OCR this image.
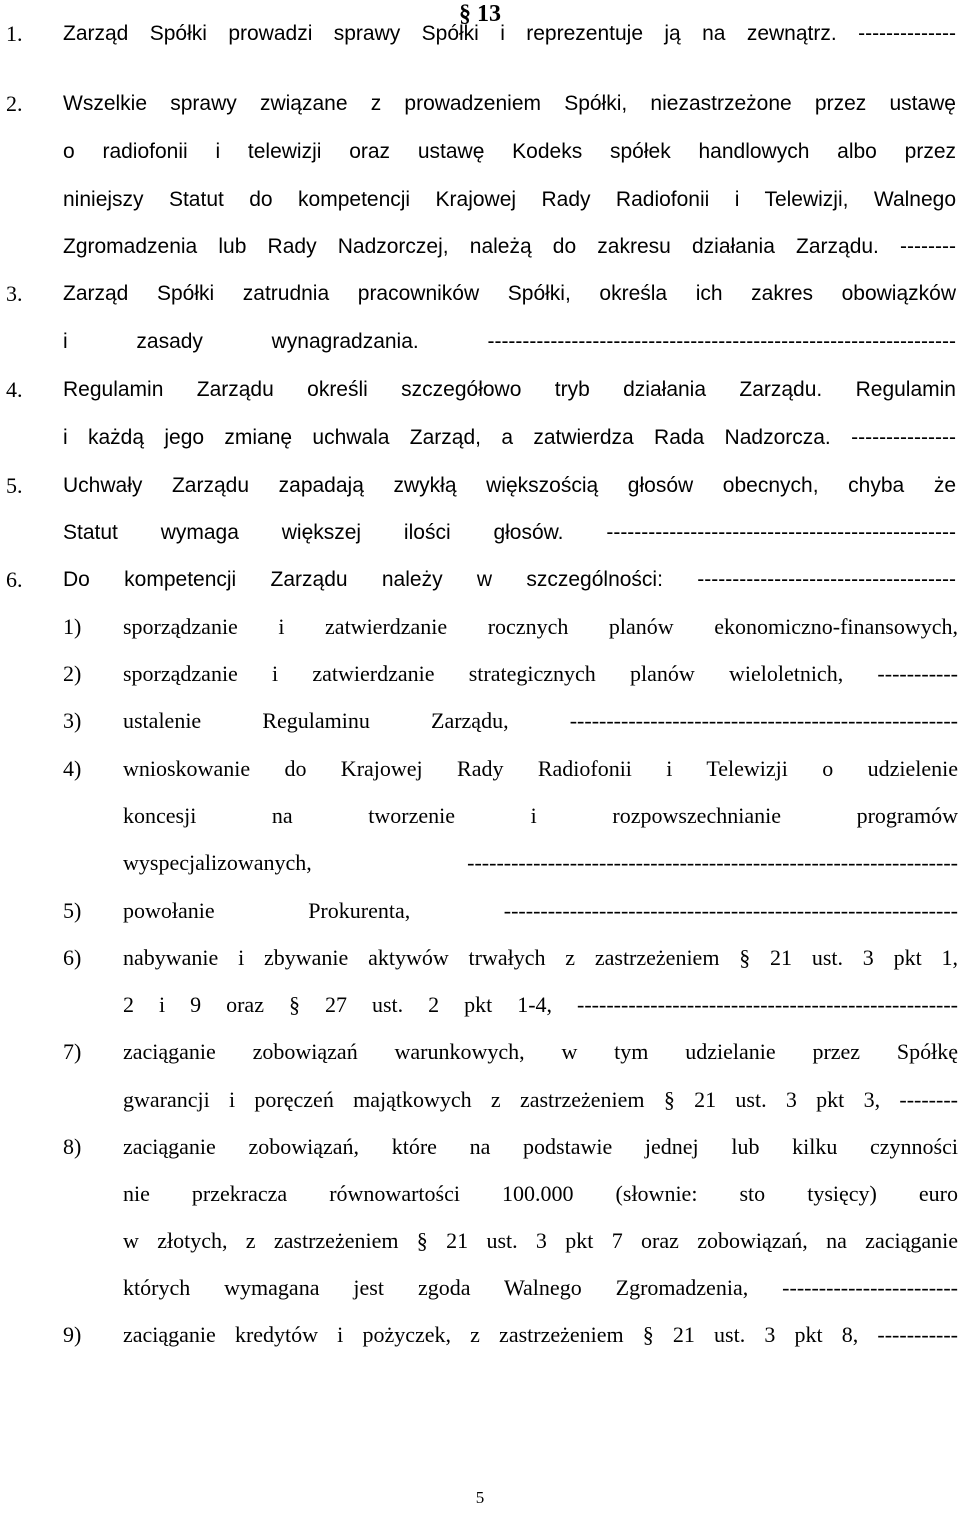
§ 13
1. Zarząd Spółki prowadzi sprawy Spółki i reprezentuje ją na zewnątrz. --------------
2. Wszelkie sprawy związane z prowadzeniem Spółki, niezastrzeżone przez ustawę
o radiofonii i telewizji oraz ustawę Kodeks spółek handlowych albo przez
niniejszy Statut do kompetencji Krajowej Rady Radiofonii i Telewizji, Walnego
Zgromadzenia lub Rady Nadzorczej, należą do zakresu działania Zarządu. --------
3. Zarząd Spółki zatrudnia pracowników Spółki, określa ich zakres obowiązków
i zasady wynagradzania. -------------------------------------------------------------------
4. Regulamin Zarządu określi szczegółowo tryb działania Zarządu. Regulamin
i każdą jego zmianę uchwala Zarząd, a zatwierdza Rada Nadzorcza. ---------------
5. Uchwały Zarządu zapadają zwykłą większością głosów obecnych, chyba że
Statut wymaga większej ilości głosów. --------------------------------------------------
6. Do kompetencji Zarządu należy w szczególności: -------------------------------------
1) sporządzanie i zatwierdzanie rocznych planów ekonomiczno-finansowych,
2) sporządzanie i zatwierdzanie strategicznych planów wieloletnich, -----------
3) ustalenie Regulaminu Zarządu, -----------------------------------------------------
4) wnioskowanie do Krajowej Rady Radiofonii i Telewizji o udzielenie
koncesji na tworzenie i rozpowszechnianie programów
wyspecjalizowanych, -------------------------------------------------------------------
5) powołanie Prokurenta, --------------------------------------------------------------
6) nabywanie i zbywanie aktywów trwałych z zastrzeżeniem § 21 ust. 3 pkt 1,
2 i 9 oraz § 27 ust. 2 pkt 1-4, ----------------------------------------------------
7) zaciąganie zobowiązań warunkowych, w tym udzielanie przez Spółkę
gwarancji i poręczeń majątkowych z zastrzeżeniem § 21 ust. 3 pkt 3, --------
8) zaciąganie zobowiązań, które na podstawie jednej lub kilku czynności
nie przekracza równowartości 100.000 (słownie: sto tysięcy) euro
w złotych, z zastrzeżeniem § 21 ust. 3 pkt 7 oraz zobowiązań, na zaciąganie
których wymagana jest zgoda Walnego Zgromadzenia, ------------------------
9) zaciąganie kredytów i pożyczek, z zastrzeżeniem § 21 ust. 3 pkt 8, -----------
5
